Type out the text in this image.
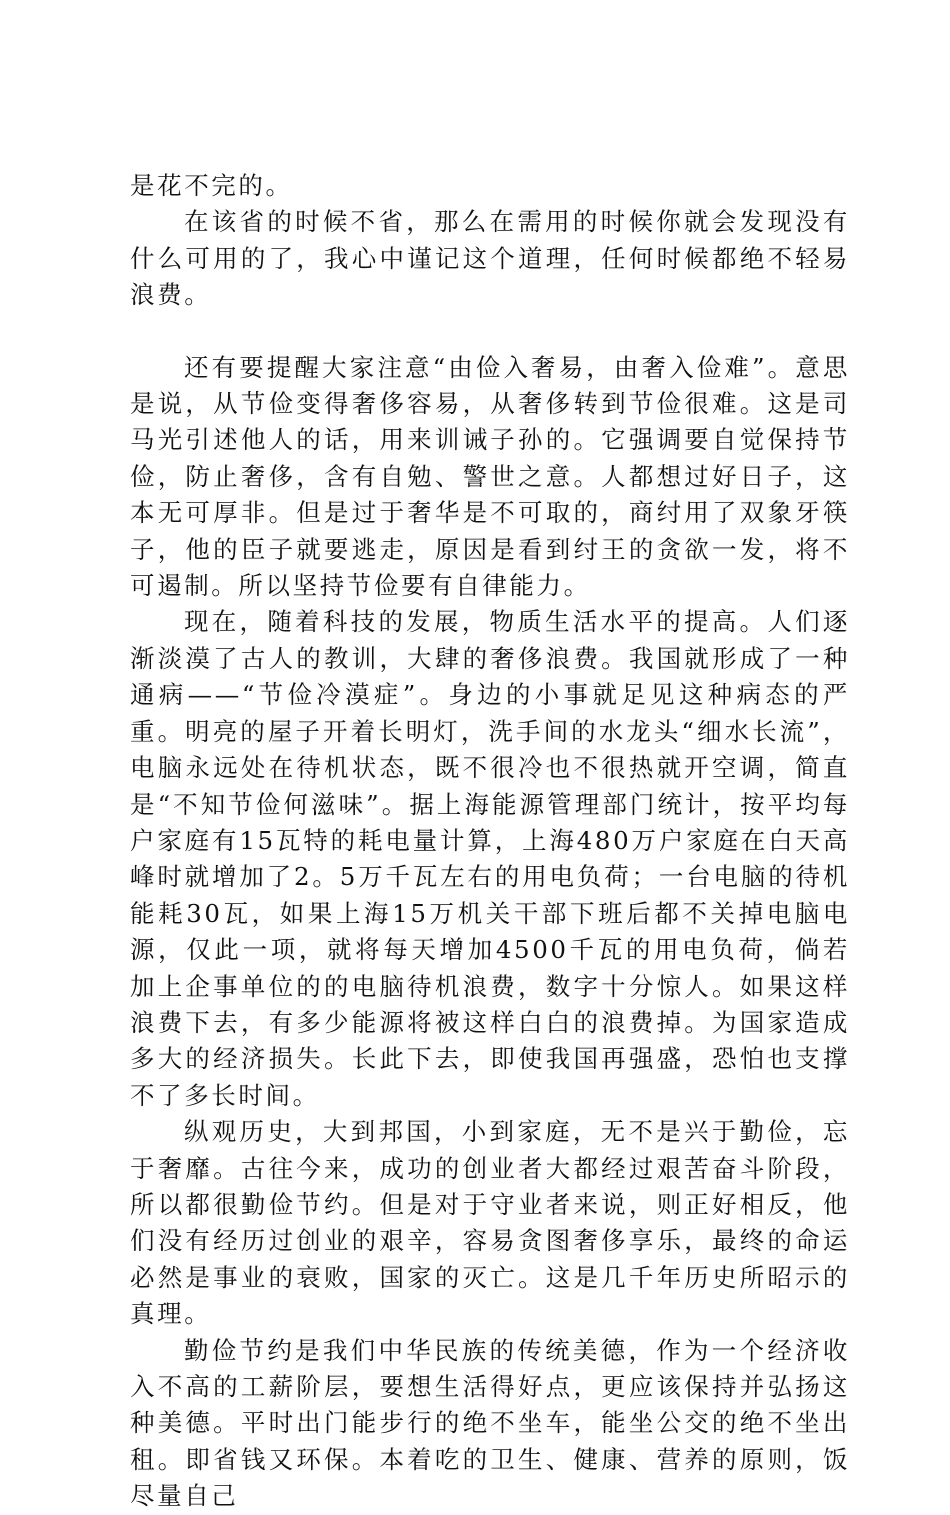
是花不完的。

在该省的时候不省，那么在需用的时候你就会发现没有什么可用的了，我心中谨记这个道理，任何时候都绝不轻易浪费。

还有要提醒大家注意“由俭入奢易，由奢入俭难”。意思是说，从节俭变得奢侈容易，从奢侈转到节俭很难。这是司马光引述他人的话，用来训诫子孙的。它强调要自觉保持节俭，防止奢侈，含有自勉、警世之意。人都想过好日子，这本无可厚非。但是过于奢华是不可取的，商纣用了双象牙筷子，他的臣子就要逃走，原因是看到纣王的贪欲一发，将不可遏制。所以坚持节俭要有自律能力。

现在，随着科技的发展，物质生活水平的提高。人们逐渐淡漠了古人的教训，大肆的奢侈浪费。我国就形成了一种通病——“节俭冷漠症”。身边的小事就足见这种病态的严重。明亮的屋子开着长明灯，洗手间的水龙头“细水长流”，电脑永远处在待机状态，既不很冷也不很热就开空调，简直是“不知节俭何滋味”。据上海能源管理部门统计，按平均每户家庭有15瓦特的耗电量计算，上海480万户家庭在白天高峰时就增加了2。5万千瓦左右的用电负荷；一台电脑的待机能耗30瓦，如果上海15万机关干部下班后都不关掉电脑电源，仅此一项，就将每天增加4500千瓦的用电负荷，倘若加上企事单位的的电脑待机浪费，数字十分惊人。如果这样浪费下去，有多少能源将被这样白白的浪费掉。为国家造成多大的经济损失。长此下去，即使我国再强盛，恐怕也支撑不了多长时间。

纵观历史，大到邦国，小到家庭，无不是兴于勤俭，忘于奢靡。古往今来，成功的创业者大都经过艰苦奋斗阶段，所以都很勤俭节约。但是对于守业者来说，则正好相反，他们没有经历过创业的艰辛，容易贪图奢侈享乐，最终的命运必然是事业的衰败，国家的灭亡。这是几千年历史所昭示的真理。

勤俭节约是我们中华民族的传统美德，作为一个经济收入不高的工薪阶层，要想生活得好点，更应该保持并弘扬这种美德。平时出门能步行的绝不坐车，能坐公交的绝不坐出租。即省钱又环保。本着吃的卫生、健康、营养的原则，饭尽量自己
